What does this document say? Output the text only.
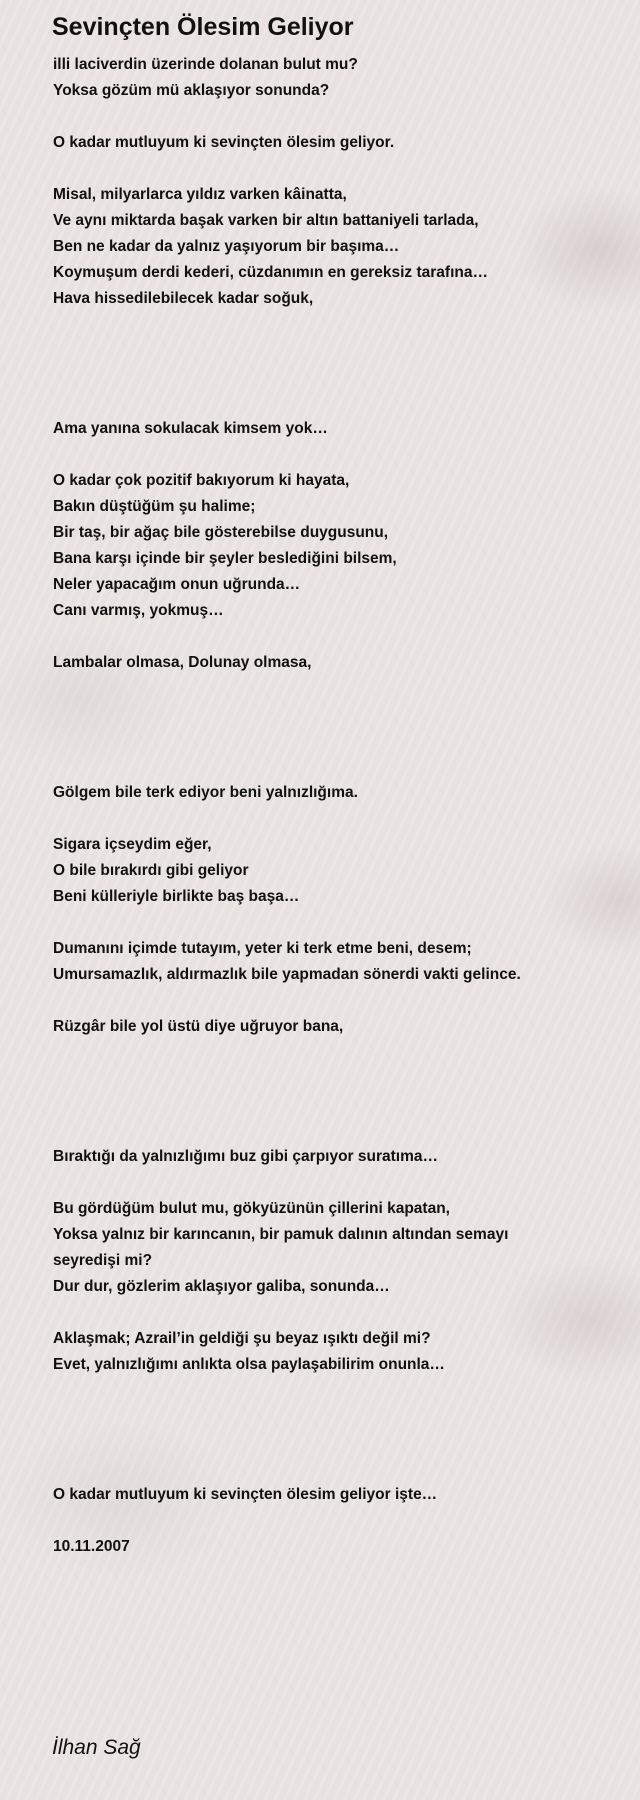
Sevinçten Ölesim Geliyor
illi laciverdin üzerinde dolanan bulut mu?
Yoksa gözüm mü aklaşıyor sonunda?
O kadar mutluyum ki sevinçten ölesim geliyor.
Misal, milyarlarca yıldız varken kâinatta,
Ve aynı miktarda başak varken bir altın battaniyeli tarlada,
Ben ne kadar da yalnız yaşıyorum bir başıma…
Koymuşum derdi kederi, cüzdanımın en gereksiz tarafına…
Hava hissedilebilecek kadar soğuk,
Ama yanına sokulacak kimsem yok…
O kadar çok pozitif bakıyorum ki hayata,
Bakın düştüğüm şu halime;
Bir taş, bir ağaç bile gösterebilse duygusunu,
Bana karşı içinde bir şeyler beslediğini bilsem,
Neler yapacağım onun uğrunda…
Canı varmış, yokmuş…
Lambalar olmasa, Dolunay olmasa,
Gölgem bile terk ediyor beni yalnızlığıma.
Sigara içseydim eğer,
O bile bırakırdı gibi geliyor
Beni külleriyle birlikte baş başa…
Dumanını içimde tutayım, yeter ki terk etme beni, desem;
Umursamazlık, aldırmazlık bile yapmadan sönerdi vakti gelince.
Rüzgâr bile yol üstü diye uğruyor bana,
Bıraktığı da yalnızlığımı buz gibi çarpıyor suratıma…
Bu gördüğüm bulut mu, gökyüzünün çillerini kapatan,
Yoksa yalnız bir karıncanın, bir pamuk dalının altından semayı seyredişi mi?
Dur dur, gözlerim aklaşıyor galiba, sonunda…
Aklaşmak; Azrail’in geldiği şu beyaz ışıktı değil mi?
Evet, yalnızlığımı anlıkta olsa paylaşabilirim onunla…
O kadar mutluyum ki sevinçten ölesim geliyor işte…

10.11.2007

İlhan Sağ
